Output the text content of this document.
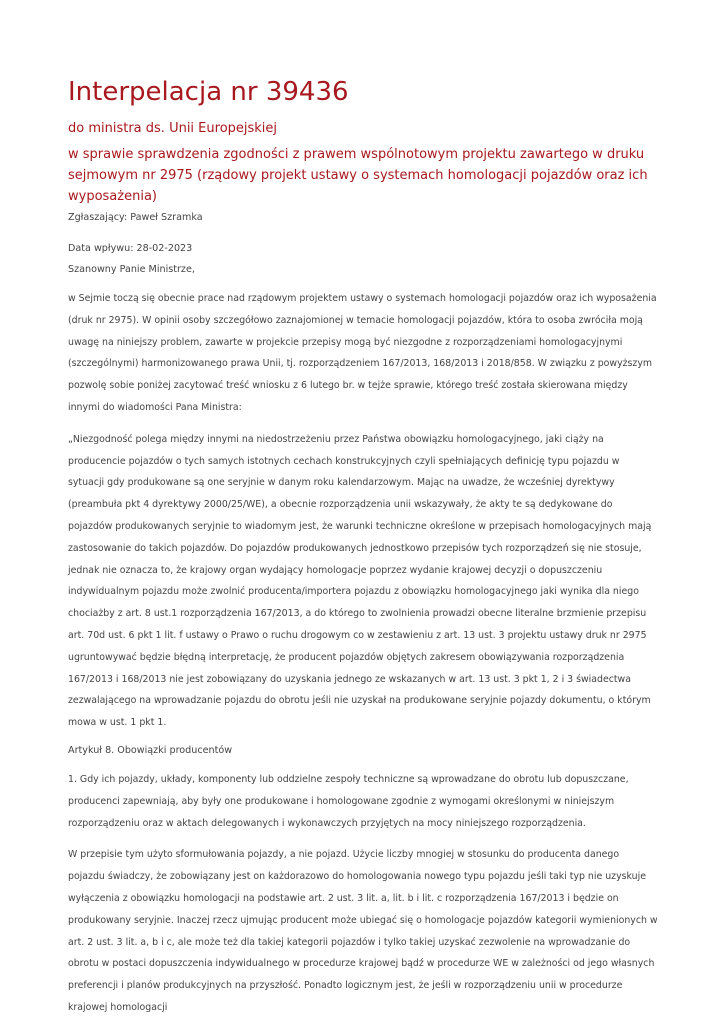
Interpelacja nr 39436
do ministra ds. Unii Europejskiej
w sprawie sprawdzenia zgodności z prawem wspólnotowym projektu zawartego w druku sejmowym nr 2975 (rządowy projekt ustawy o systemach homologacji pojazdów oraz ich wyposażenia)
Zgłaszający: Paweł Szramka
Data wpływu: 28-02-2023
Szanowny Panie Ministrze,

w Sejmie toczą się obecnie prace nad rządowym projektem ustawy o systemach homologacji pojazdów oraz ich wyposażenia (druk nr 2975). W opinii osoby szczegółowo zaznajomionej w temacie homologacji pojazdów, która to osoba zwróciła moją uwagę na niniejszy problem, zawarte w projekcie przepisy mogą być niezgodne z rozporządzeniami homologacyjnymi (szczególnymi) harmonizowanego prawa Unii, tj. rozporządzeniem 167/2013, 168/2013 i 2018/858. W związku z powyższym pozwolę sobie poniżej zacytować treść wniosku z 6 lutego br. w tejże sprawie, którego treść została skierowana między innymi do wiadomości Pana Ministra:

„Niezgodność polega między innymi na niedostrzeżeniu przez Państwa obowiązku homologacyjnego, jaki ciąży na producencie pojazdów o tych samych istotnych cechach konstrukcyjnych czyli spełniających definicję typu pojazdu w sytuacji gdy produkowane są one seryjnie w danym roku kalendarzowym. Mając na uwadze, że wcześniej dyrektywy (preambuła pkt 4 dyrektywy 2000/25/WE), a obecnie rozporządzenia unii wskazywały, że akty te są dedykowane do pojazdów produkowanych seryjnie to wiadomym jest, że warunki techniczne określone w przepisach homologacyjnych mają zastosowanie do takich pojazdów. Do pojazdów produkowanych jednostkowo przepisów tych rozporządzeń się nie stosuje, jednak nie oznacza to, że krajowy organ wydający homologacje poprzez wydanie krajowej decyzji o dopuszczeniu indywidualnym pojazdu może zwolnić producenta/importera pojazdu z obowiązku homologacyjnego jaki wynika dla niego chociażby z art. 8 ust.1 rozporządzenia 167/2013, a do którego to zwolnienia prowadzi obecne literalne brzmienie przepisu art. 70d ust. 6 pkt 1 lit. f ustawy o Prawo o ruchu drogowym co w zestawieniu z art. 13 ust. 3 projektu ustawy druk nr 2975 ugruntowywać będzie błędną interpretację, że producent pojazdów objętych zakresem obowiązywania rozporządzenia 167/2013 i 168/2013 nie jest zobowiązany do uzyskania jednego ze wskazanych w art. 13 ust. 3 pkt 1, 2 i 3 świadectwa zezwalającego na wprowadzanie pojazdu do obrotu jeśli nie uzyskał na produkowane seryjnie pojazdy dokumentu, o którym mowa w ust. 1 pkt 1.

Artykuł 8. Obowiązki producentów

1. Gdy ich pojazdy, układy, komponenty lub oddzielne zespoły techniczne są wprowadzane do obrotu lub dopuszczane, producenci zapewniają, aby były one produkowane i homologowane zgodnie z wymogami określonymi w niniejszym rozporządzeniu oraz w aktach delegowanych i wykonawczych przyjętych na mocy niniejszego rozporządzenia.

W przepisie tym użyto sformułowania pojazdy, a nie pojazd. Użycie liczby mnogiej w stosunku do producenta danego pojazdu świadczy, że zobowiązany jest on każdorazowo do homologowania nowego typu pojazdu jeśli taki typ nie uzyskuje wyłączenia z obowiązku homologacji na podstawie art. 2 ust. 3 lit. a, lit. b i lit. c rozporządzenia 167/2013 i będzie on produkowany seryjnie. Inaczej rzecz ujmując producent może ubiegać się o homologacje pojazdów kategorii wymienionych w art. 2 ust. 3 lit. a, b i c, ale może też dla takiej kategorii pojazdów i tylko takiej uzyskać zezwolenie na wprowadzanie do obrotu w postaci dopuszczenia indywidualnego w procedurze krajowej bądź w procedurze WE w zależności od jego własnych preferencji i planów produkcyjnych na przyszłość. Ponadto logicznym jest, że jeśli w rozporządzeniu unii w procedurze krajowej homologacji
